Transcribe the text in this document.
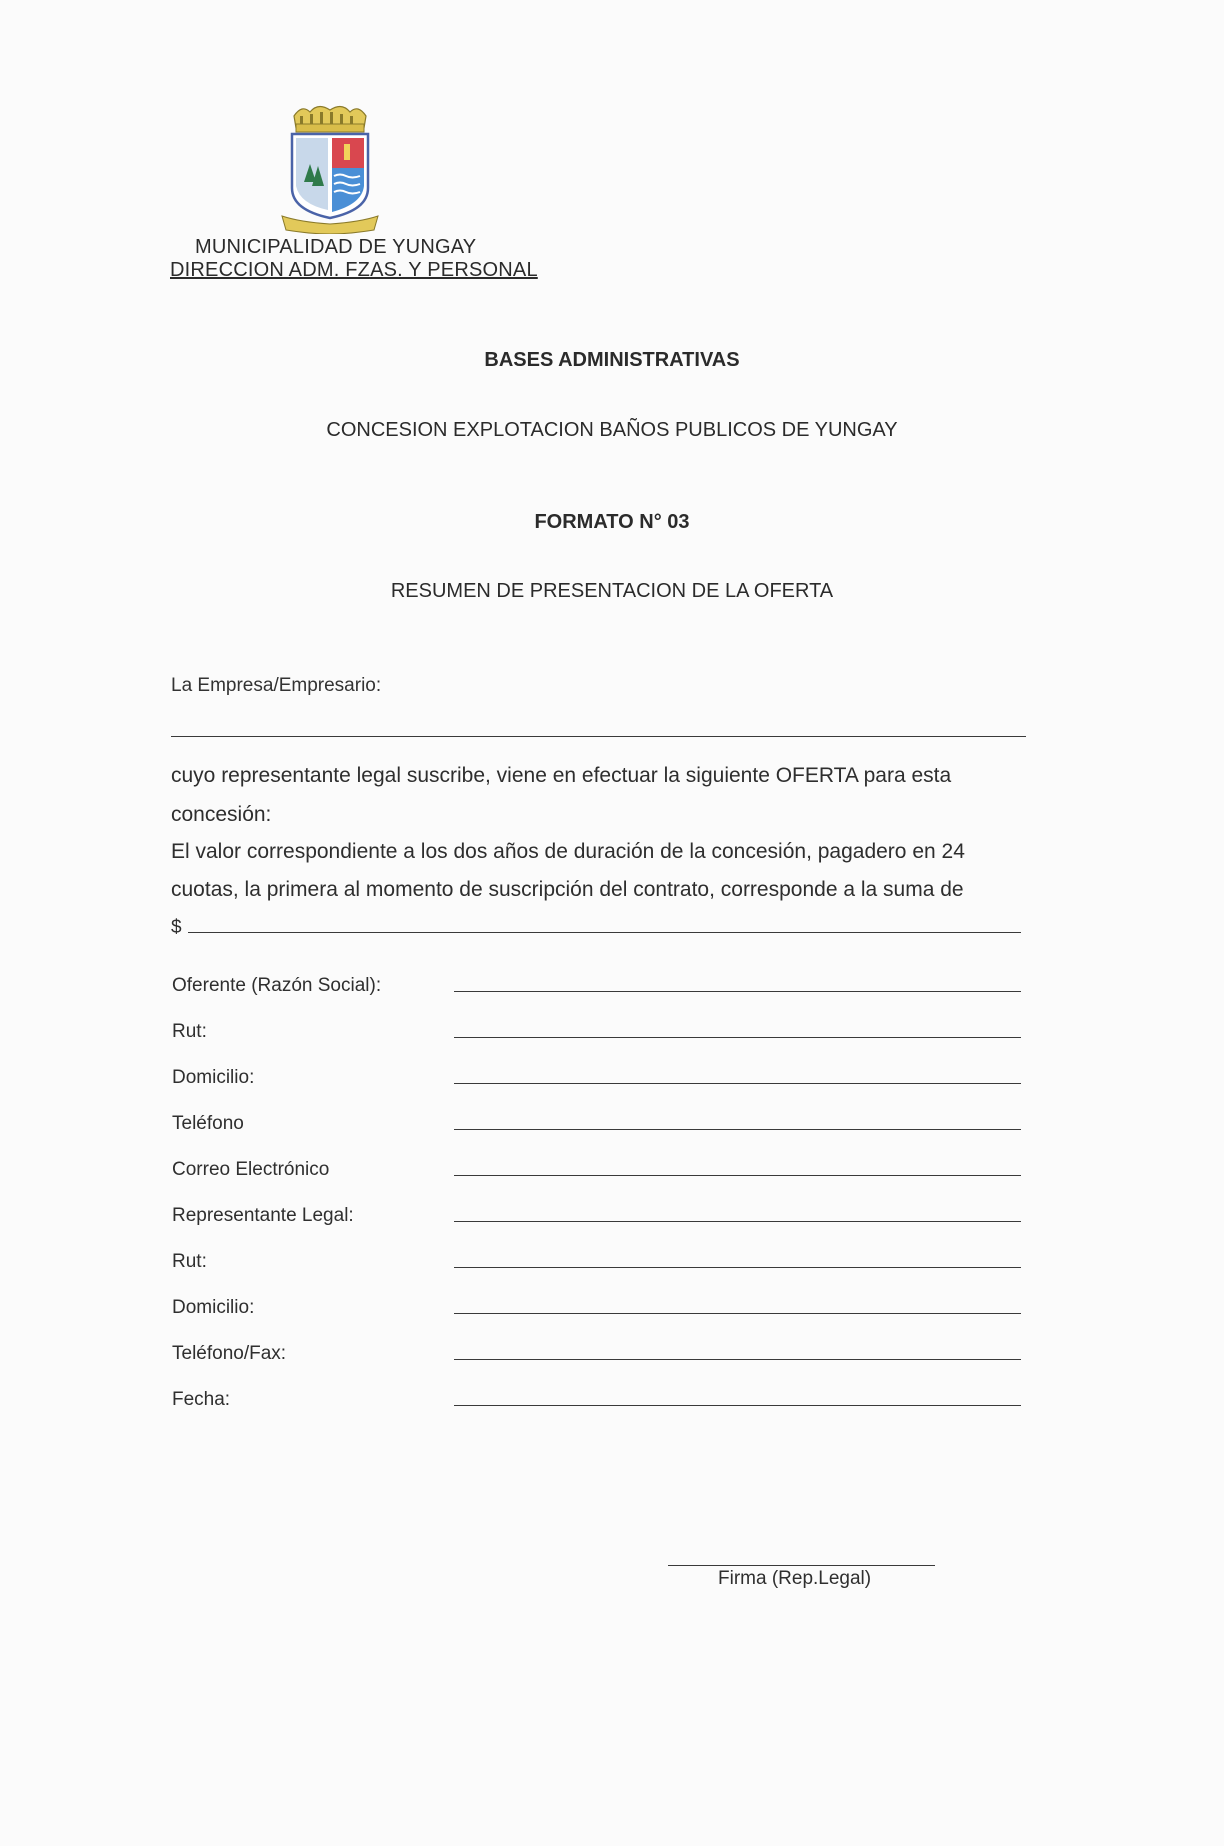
MUNICIPALIDAD DE YUNGAY
DIRECCION ADM. FZAS. Y PERSONAL
BASES ADMINISTRATIVAS
CONCESION EXPLOTACION BAÑOS PUBLICOS DE YUNGAY
FORMATO N° 03
RESUMEN DE PRESENTACION DE LA OFERTA
La Empresa/Empresario:
cuyo representante legal suscribe, viene en efectuar la siguiente OFERTA para esta
concesión:
El valor correspondiente a los dos años de duración de la concesión, pagadero en 24
cuotas, la primera al momento de suscripción del contrato, corresponde a la suma de
$
Oferente (Razón Social):
Rut:
Domicilio:
Teléfono
Correo Electrónico
Representante Legal:
Rut:
Domicilio:
Teléfono/Fax:
Fecha:
Firma (Rep.Legal)
